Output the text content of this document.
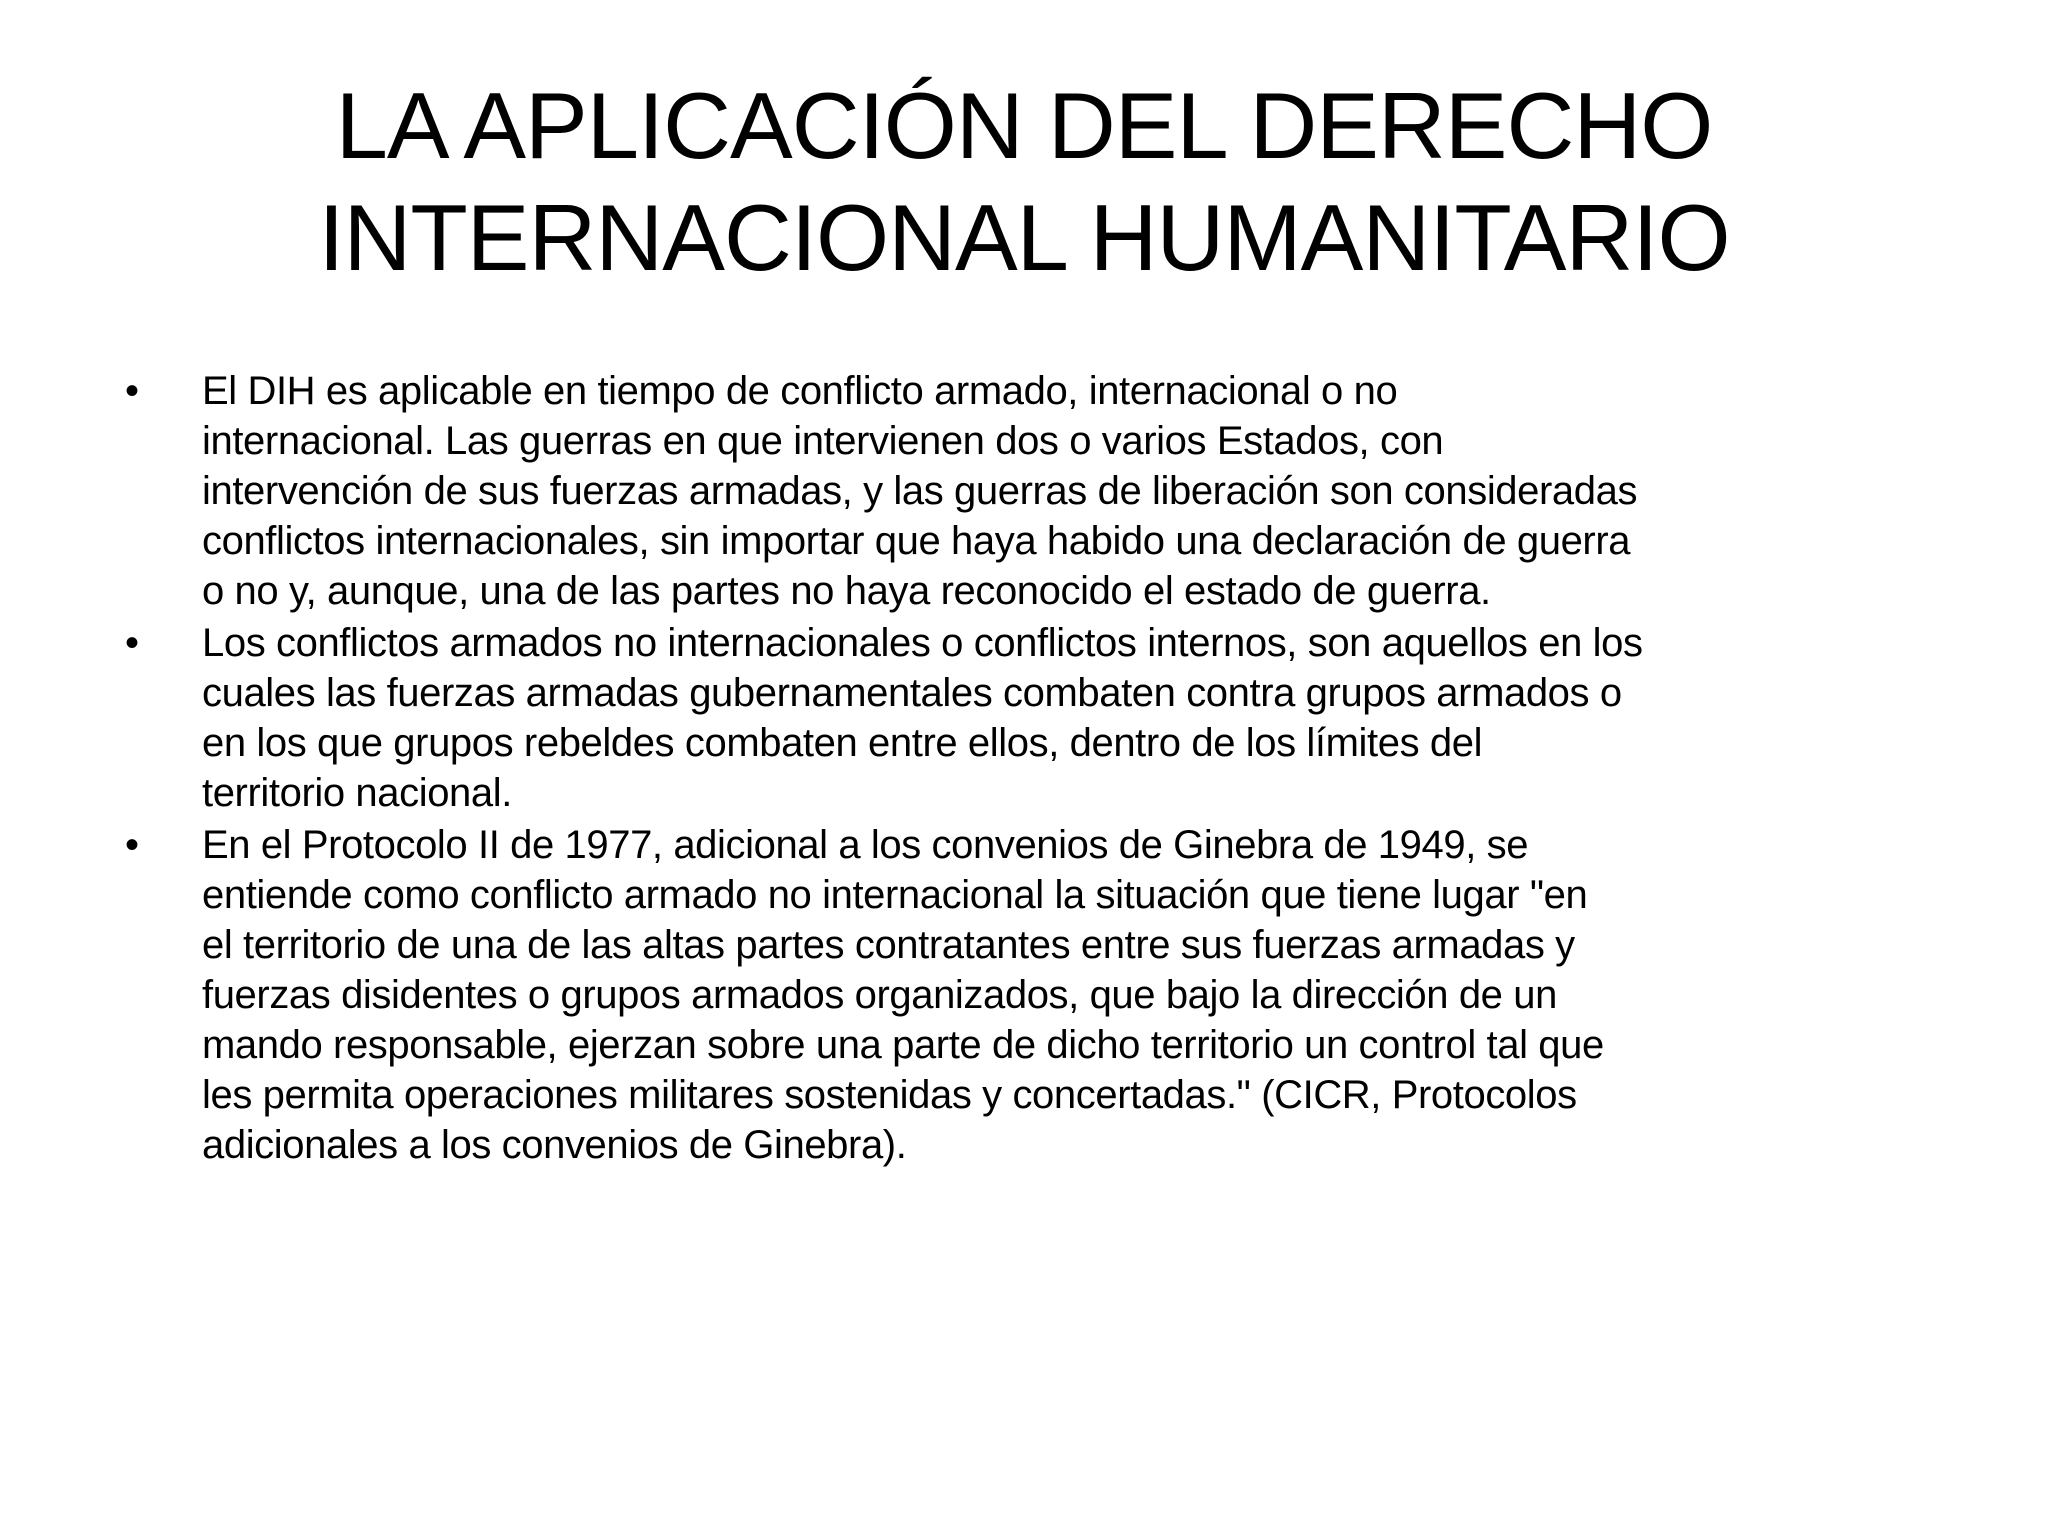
LA APLICACIÓN DEL DERECHO
INTERNACIONAL HUMANITARIO
•	El DIH es aplicable en tiempo de conflicto armado, internacional o no
internacional. Las guerras en que intervienen dos o varios Estados, con
intervención de sus fuerzas armadas, y las guerras de liberación son consideradas
conflictos internacionales, sin importar que haya habido una declaración de guerra
o no y, aunque, una de las partes no haya reconocido el estado de guerra.
•	Los conflictos armados no internacionales o conflictos internos, son aquellos en los
cuales las fuerzas armadas gubernamentales combaten contra grupos armados o
en los que grupos rebeldes combaten entre ellos, dentro de los límites del
territorio nacional.
•	En el Protocolo II de 1977, adicional a los convenios de Ginebra de 1949, se
entiende como conflicto armado no internacional la situación que tiene lugar "en
el territorio de una de las altas partes contratantes entre sus fuerzas armadas y
fuerzas disidentes o grupos armados organizados, que bajo la dirección de un
mando responsable, ejerzan sobre una parte de dicho territorio un control tal que
les permita operaciones militares sostenidas y concertadas." (CICR, Protocolos
adicionales a los convenios de Ginebra).
